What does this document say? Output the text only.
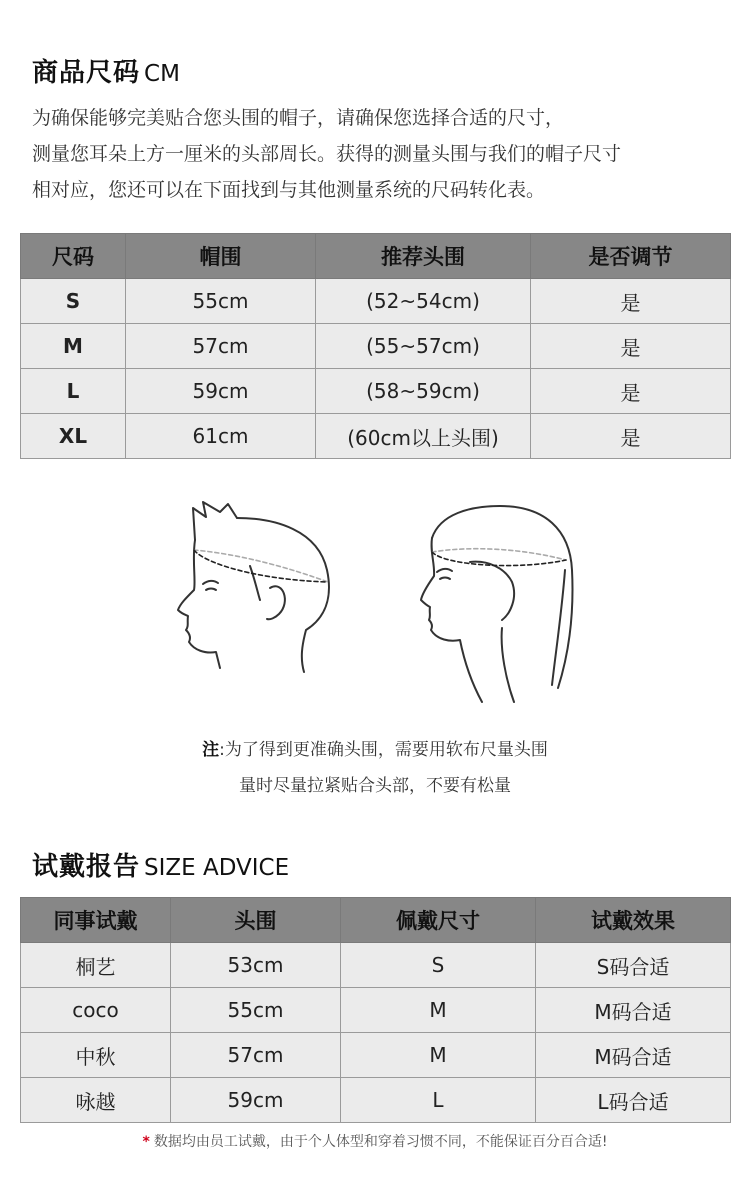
商品尺码 CM

为确保能够完美贴合您头围的帽子，请确保您选择合适的尺寸，

测量您耳朵上方一厘米的头部周长。获得的测量头围与我们的帽子尺寸

相对应，您还可以在下面找到与其他测量系统的尺码转化表。

尺码	帽围	推荐头围	是否调节
S	55cm	(52~54cm)	是
M	57cm	(55~57cm)	是
L	59cm	(58~59cm)	是
XL	61cm	(60cm以上头围)	是
注:为了得到更准确头围，需要用软布尺量头围
量时尽量拉紧贴合头部，不要有松量
试戴报告 SIZE ADVICE
同事试戴	头围	佩戴尺寸	试戴效果
桐艺	53cm	S	S码合适
coco	55cm	M	M码合适
中秋	57cm	M	M码合适
咏越	59cm	L	L码合适
* 数据均由员工试戴，由于个人体型和穿着习惯不同，不能保证百分百合适!
